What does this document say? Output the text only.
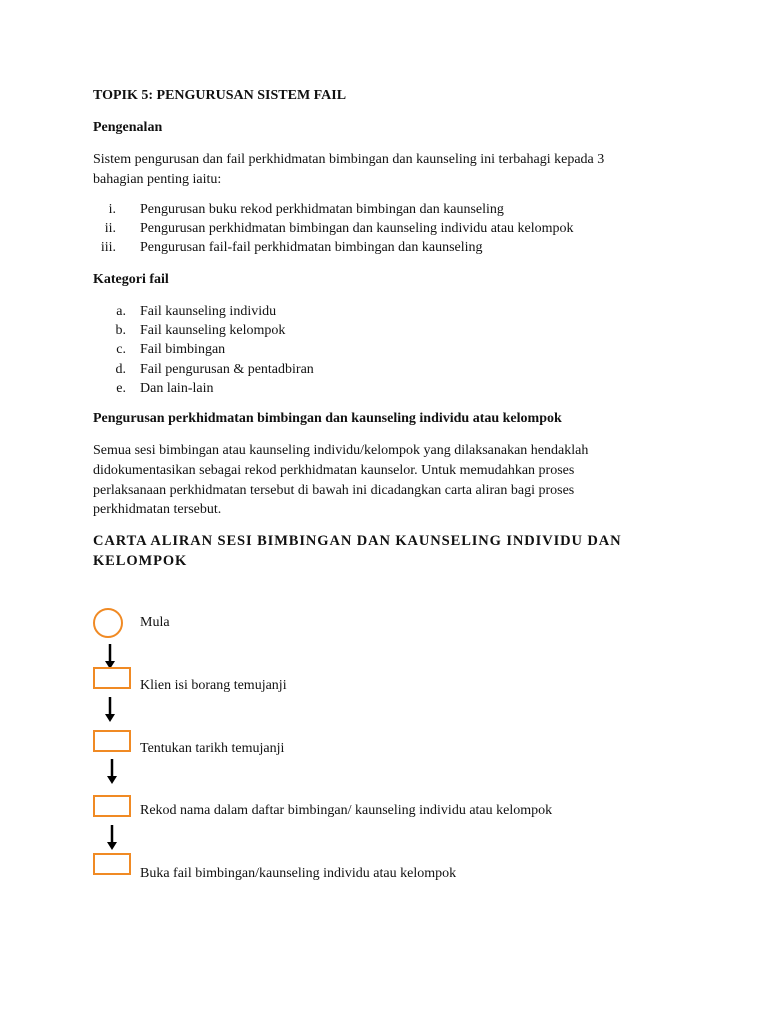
TOPIK 5: PENGURUSAN SISTEM FAIL
Pengenalan
Sistem pengurusan dan fail perkhidmatan bimbingan dan kaunseling ini terbahagi kepada 3
bahagian penting iaitu:
i. Pengurusan buku rekod perkhidmatan bimbingan dan kaunseling
ii. Pengurusan perkhidmatan bimbingan dan kaunseling individu atau kelompok
iii. Pengurusan fail-fail perkhidmatan bimbingan dan kaunseling
Kategori fail
a. Fail kaunseling individu
b. Fail kaunseling kelompok
c. Fail bimbingan
d. Fail pengurusan & pentadbiran
e. Dan lain-lain
Pengurusan perkhidmatan bimbingan dan kaunseling individu atau kelompok
Semua sesi bimbingan atau kaunseling individu/kelompok yang dilaksanakan hendaklah
didokumentasikan sebagai rekod perkhidmatan kaunselor. Untuk memudahkan proses
perlaksanaan perkhidmatan tersebut di bawah ini dicadangkan carta aliran bagi proses
perkhidmatan tersebut.
CARTA ALIRAN SESI BIMBINGAN DAN KAUNSELING INDIVIDU DAN
KELOMPOK
Mula
Klien isi borang temujanji
Tentukan tarikh temujanji
Rekod nama dalam daftar bimbingan/ kaunseling individu atau kelompok
Buka fail bimbingan/kaunseling individu atau kelompok
